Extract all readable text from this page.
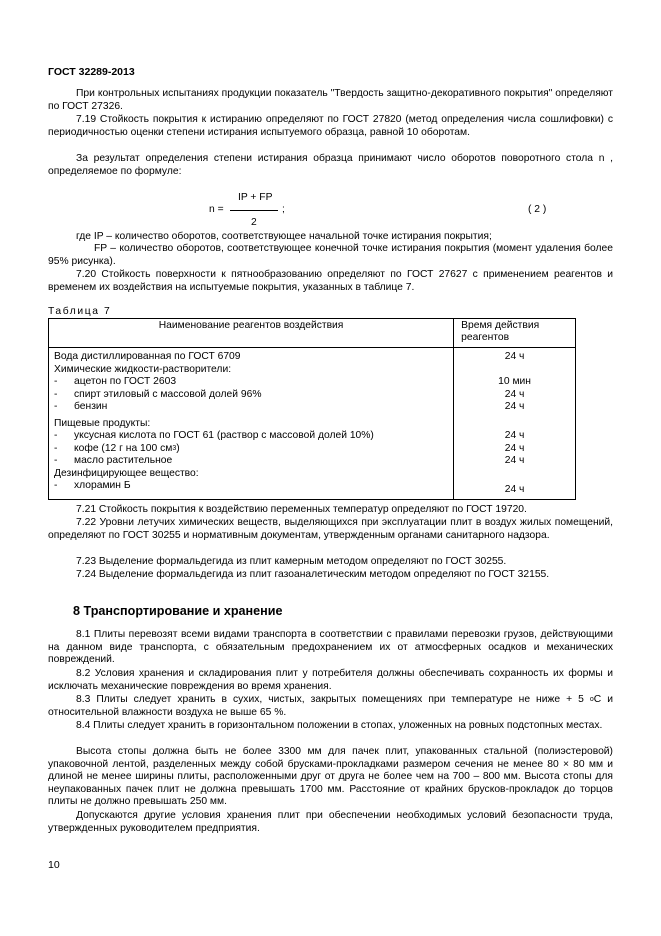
ГОСТ 32289-2013
При контрольных испытаниях продукции показатель "Твердость защитно-декоративного покрытия" определяют по ГОСТ 27326.
7.19 Стойкость покрытия к истиранию определяют по ГОСТ 27820 (метод определения числа сошлифовки) с периодичностью оценки степени истирания испытуемого образца, равной 10 оборотам.
За результат определения степени истирания образца принимают число оборотов поворотного стола n , определяемое по формуле:
IP + FP
n =	;
2
( 2 )
где IP – количество оборотов, соответствующее начальной точке истирания покрытия;
FP – количество оборотов, соответствующее конечной точке истирания покрытия (момент удаления более 95% рисунка).
7.20 Стойкость поверхности к пятнообразованию определяют по ГОСТ 27627 с применением реагентов и временем их воздействия на испытуемые покрытия, указанных в таблице 7.
Таблица 7
Наименование реагентов воздействия	Время действия реагентов
Вода дистиллированная по ГОСТ 6709	24 ч
Химические жидкости-растворители:	
- ацетон по ГОСТ 2603	10 мин
- спирт этиловый с массовой долей 96%	24 ч
- бензин	24 ч
Пищевые продукты:	
- уксусная кислота по ГОСТ 61 (раствор с массовой долей 10%)	24 ч
- кофе (12 г на 100 $см^3$)	24 ч
- масло растительное	24 ч
Дезинфицирующее вещество:	
- хлорамин Б	24 ч
7.21 Стойкость покрытия к воздействию переменных температур определяют по ГОСТ 19720.
7.22 Уровни летучих химических веществ, выделяющихся при эксплуатации плит в воздух жилых помещений, определяют по ГОСТ 30255 и нормативным документам, утвержденным органами санитарного надзора.
7.23 Выделение формальдегида из плит камерным методом определяют по ГОСТ 30255.
7.24 Выделение формальдегида из плит газоаналетическим методом определяют по ГОСТ 32155.
8 Транспортирование и хранение
8.1 Плиты перевозят всеми видами транспорта в соответствии с правилами перевозки грузов, действующими на данном виде транспорта, с обязательным предохранением их от атмосферных осадков и механических повреждений.
8.2 Условия хранения и складирования плит у потребителя должны обеспечивать сохранность их формы и исключать механические повреждения во время хранения.
8.3 Плиты следует хранить в сухих, чистых, закрытых помещениях при температуре не ниже + 5 $^о$С и относительной влажности воздуха не выше 65 %.
8.4 Плиты следует хранить в горизонтальном положении в стопах, уложенных на ровных подстопных местах.
Высота стопы должна быть не более 3300 мм для пачек плит, упакованных стальной (полиэстеровой) упаковочной лентой, разделенных между собой брусками-прокладками размером сечения не менее 80 × 80 мм и длиной не менее ширины плиты, расположенными друг от друга не более чем на 700 – 800 мм. Высота стопы для неупакованных пачек плит не должна превышать 1700 мм. Расстояние от крайних брусков-прокладок до торцов плиты не должно превышать 250 мм.
Допускаются другие условия хранения плит при обеспечении необходимых условий безопасности труда, утвержденных руководителем предприятия.
10
